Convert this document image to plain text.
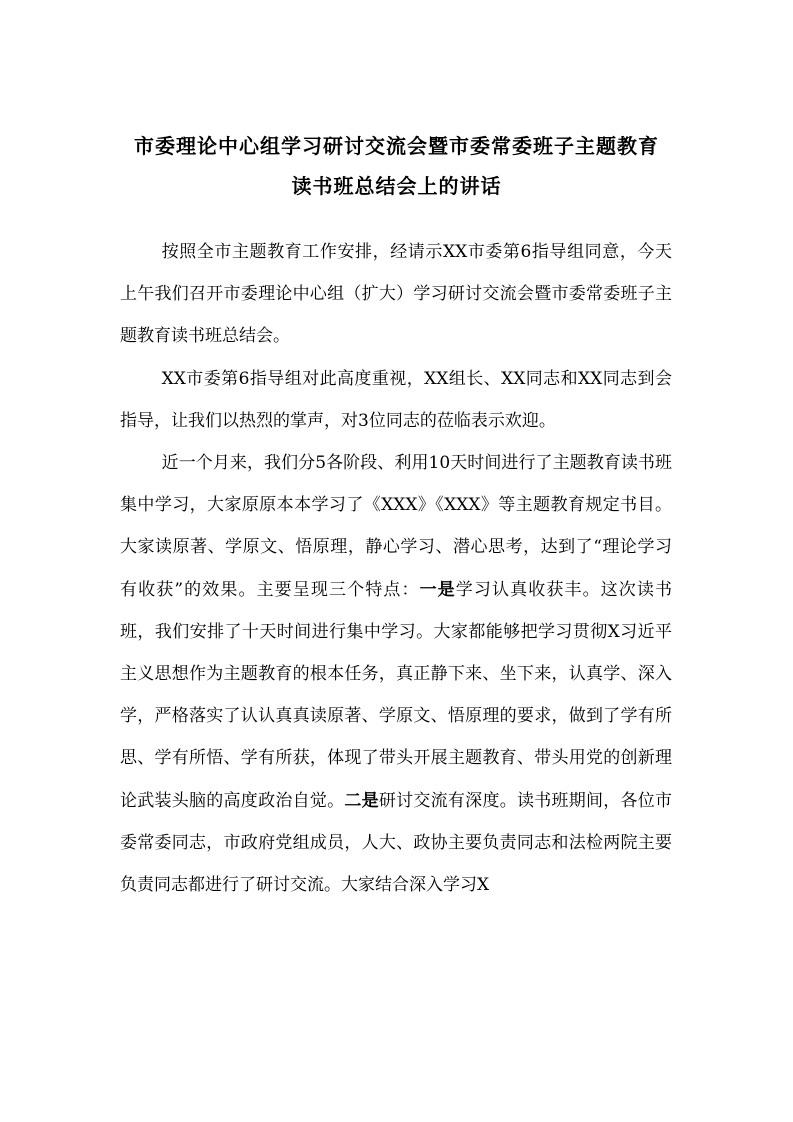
市委理论中心组学习研讨交流会暨市委常委班子主题教育
读书班总结会上的讲话

按照全市主题教育工作安排，经请示XX市委第6指导组同意，今天上午我们召开市委理论中心组（扩大）学习研讨交流会暨市委常委班子主题教育读书班总结会。

XX市委第6指导组对此高度重视，XX组长、XX同志和XX同志到会指导，让我们以热烈的掌声，对3位同志的莅临表示欢迎。

近一个月来，我们分5各阶段、利用10天时间进行了主题教育读书班集中学习，大家原原本本学习了《XXX》《XXX》等主题教育规定书目。大家读原著、学原文、悟原理，静心学习、潜心思考，达到了“理论学习有收获”的效果。主要呈现三个特点：一是学习认真收获丰。这次读书班，我们安排了十天时间进行集中学习。大家都能够把学习贯彻X习近平主义思想作为主题教育的根本任务，真正静下来、坐下来，认真学、深入学，严格落实了认认真真读原著、学原文、悟原理的要求，做到了学有所思、学有所悟、学有所获，体现了带头开展主题教育、带头用党的创新理论武装头脑的高度政治自觉。二是研讨交流有深度。读书班期间，各位市委常委同志，市政府党组成员，人大、政协主要负责同志和法检两院主要负责同志都进行了研讨交流。大家结合深入学习X
